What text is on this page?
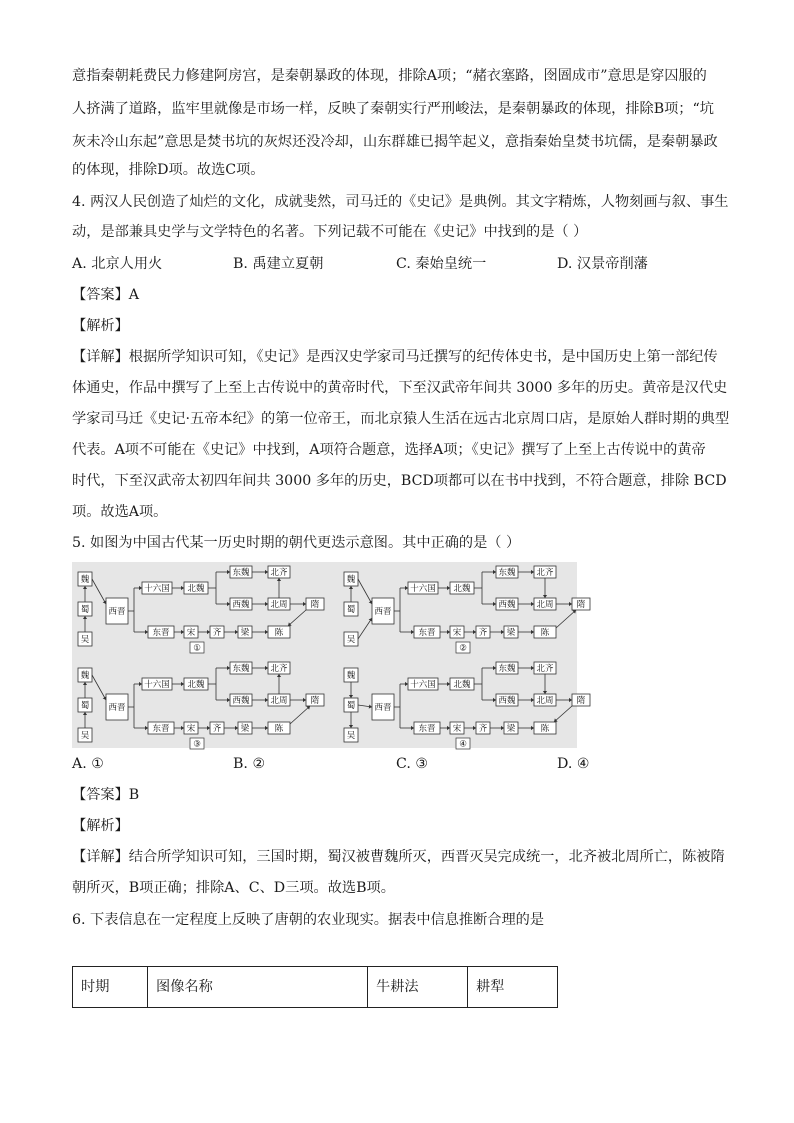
意指秦朝耗费民力修建阿房宫，是秦朝暴政的体现，排除A项；“赭衣塞路，囹圄成市”意思是穿囚服的
人挤满了道路，监牢里就像是市场一样，反映了秦朝实行严刑峻法，是秦朝暴政的体现，排除B项；“坑
灰未冷山东起”意思是焚书坑的灰烬还没冷却，山东群雄已揭竿起义，意指秦始皇焚书坑儒，是秦朝暴政
的体现，排除D项。故选C项。
4. 两汉人民创造了灿烂的文化，成就斐然，司马迁的《史记》是典例。其文字精炼，人物刻画与叙、事生
动，是部兼具史学与文学特色的名著。下列记载不可能在《史记》中找到的是（ ）
A. 北京人用火	B. 禹建立夏朝	C. 秦始皇统一	D. 汉景帝削藩
【答案】A
【解析】
【详解】根据所学知识可知，《史记》是西汉史学家司马迁撰写的纪传体史书，是中国历史上第一部纪传
体通史，作品中撰写了上至上古传说中的黄帝时代，下至汉武帝年间共 3000 多年的历史。黄帝是汉代史
学家司马迁《史记·五帝本纪》的第一位帝王，而北京猿人生活在远古北京周口店，是原始人群时期的典型
代表。A项不可能在《史记》中找到，A项符合题意，选择A项；《史记》撰写了上至上古传说中的黄帝
时代，下至汉武帝太初四年间共 3000 多年的历史，BCD项都可以在书中找到，不符合题意，排除 BCD
项。故选A项。
5. 如图为中国古代某一历史时期的朝代更迭示意图。其中正确的是（ ）
魏
蜀
吴
西晋
十六国 北魏
东魏
西魏
北齐
北周	隋
东晋 宋 齐 梁	陈
①
魏
蜀
吴
西晋
十六国 北魏
东魏
西魏
北齐
北周	隋
东晋 宋 齐 梁	陈
②
魏
蜀
吴
西晋
十六国 北魏
东魏
西魏
北齐
北周	隋
东晋 宋 齐 梁	陈
③
魏
蜀
吴
西晋
十六国 北魏
东魏
西魏
北齐
北周	隋
东晋 宋 齐 梁	陈
④
A. ①	B. ②	C. ③	D. ④
【答案】B
【解析】
【详解】结合所学知识可知，三国时期，蜀汉被曹魏所灭，西晋灭吴完成统一，北齐被北周所亡，陈被隋
朝所灭，B项正确；排除A、C、D三项。故选B项。
6. 下表信息在一定程度上反映了唐朝的农业现实。据表中信息推断合理的是
时期	图像名称	牛耕法	耕犁
